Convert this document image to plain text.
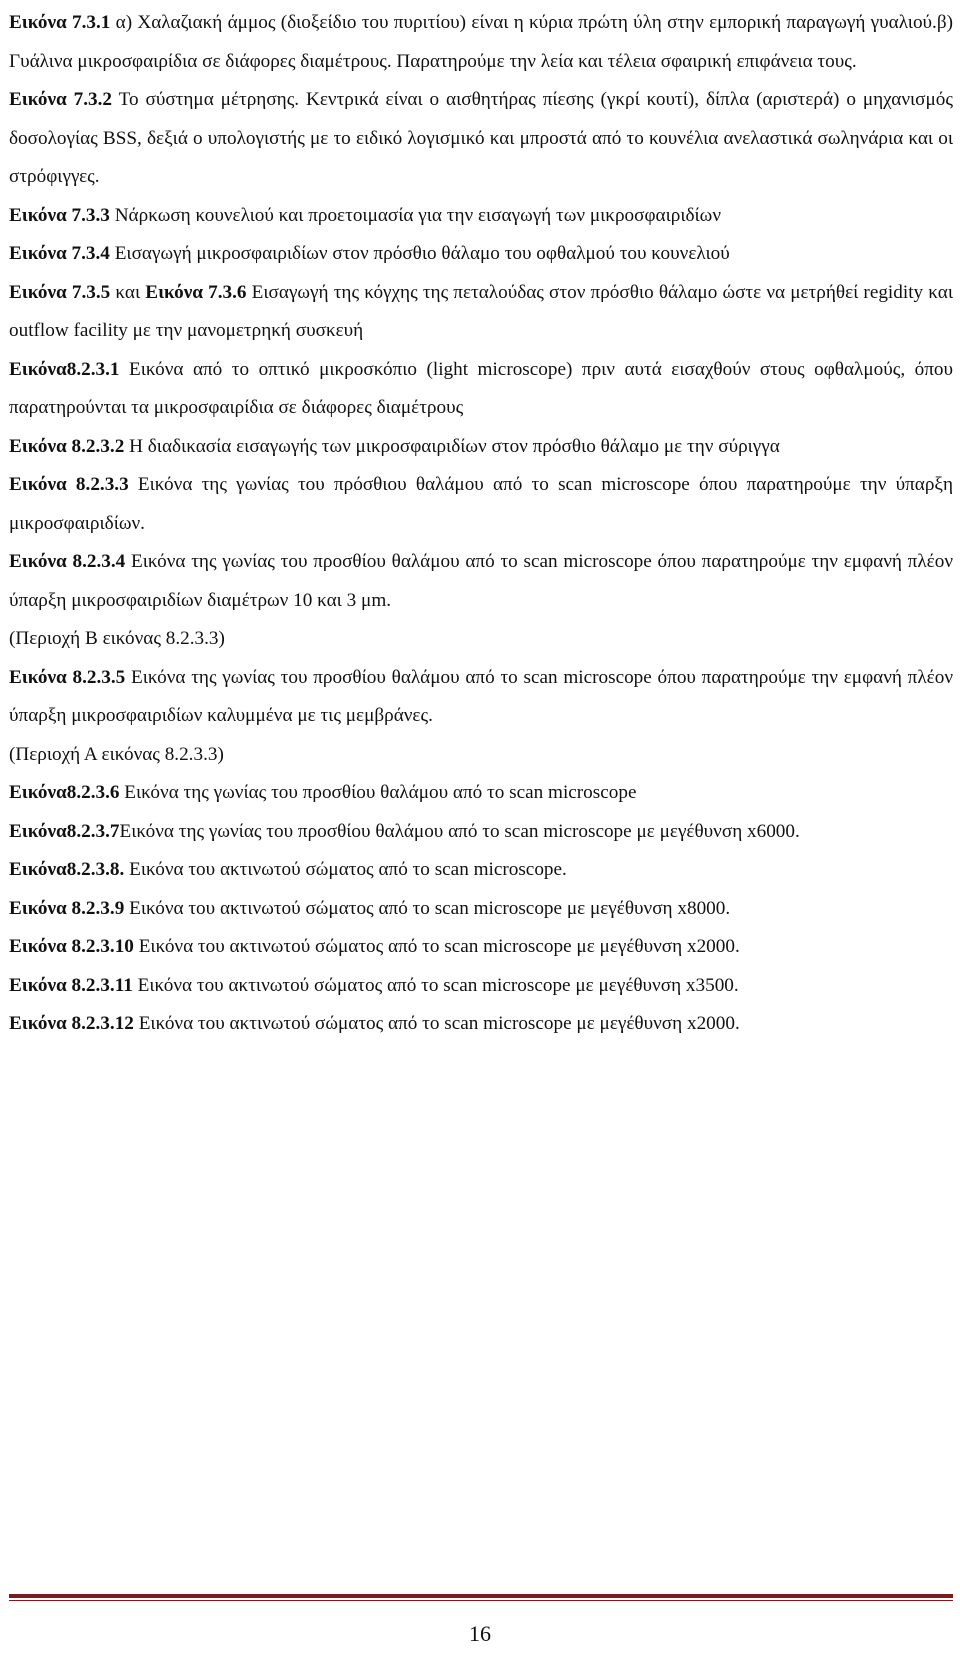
Εικόνα 7.3.1 α) Χαλαζιακή άμμος (διοξείδιο του πυριτίου) είναι η κύρια πρώτη ύλη στην εμπορική παραγωγή γυαλιού.β) Γυάλινα μικροσφαιρίδια σε διάφορες διαμέτρους. Παρατηρούμε την λεία και τέλεια σφαιρική επιφάνεια τους.

Εικόνα 7.3.2 Το σύστημα μέτρησης. Κεντρικά είναι ο αισθητήρας πίεσης (γκρί κουτί), δίπλα (αριστερά) ο μηχανισμός δοσολογίας BSS, δεξιά ο υπολογιστής με το ειδικό λογισμικό και μπροστά από το κουνέλια ανελαστικά σωληνάρια και οι στρόφιγγες.

Εικόνα 7.3.3 Νάρκωση κουνελιού και προετοιμασία για την εισαγωγή των μικροσφαιριδίων

Εικόνα 7.3.4 Εισαγωγή μικροσφαιριδίων στον πρόσθιο θάλαμο του οφθαλμού του κουνελιού

Εικόνα 7.3.5 και Εικόνα 7.3.6 Εισαγωγή της κόγχης της πεταλούδας στον πρόσθιο θάλαμο ώστε να μετρήθεί regidity και outflow facility με την μανομετρηκή συσκευή

Εικόνα8.2.3.1 Εικόνα από το οπτικό μικροσκόπιο (light microscope) πριν αυτά εισαχθούν στους οφθαλμούς, όπου παρατηρούνται τα μικροσφαιρίδια σε διάφορες διαμέτρους

Εικόνα 8.2.3.2 Η διαδικασία εισαγωγής των μικροσφαιριδίων στον πρόσθιο θάλαμο με την σύριγγα

Εικόνα 8.2.3.3 Εικόνα της γωνίας του πρόσθιου θαλάμου από το scan microscope όπου παρατηρούμε την ύπαρξη μικροσφαιριδίων.

Εικόνα 8.2.3.4 Εικόνα της γωνίας του προσθίου θαλάμου από το scan microscope όπου παρατηρούμε την εμφανή πλέον ύπαρξη μικροσφαιριδίων διαμέτρων 10 και 3 μm.

(Περιοχή Β εικόνας 8.2.3.3)

Εικόνα 8.2.3.5 Εικόνα της γωνίας του προσθίου θαλάμου από το scan microscope όπου παρατηρούμε την εμφανή πλέον ύπαρξη μικροσφαιριδίων καλυμμένα με τις μεμβράνες.

(Περιοχή Α εικόνας 8.2.3.3)

Εικόνα8.2.3.6 Εικόνα της γωνίας του προσθίου θαλάμου από το scan microscope

Εικόνα8.2.3.7Εικόνα της γωνίας του προσθίου θαλάμου από το scan microscope με μεγέθυνση x6000.

Εικόνα8.2.3.8. Εικόνα του ακτινωτού σώματος από το scan microscope.

Εικόνα 8.2.3.9 Εικόνα του ακτινωτού σώματος από το scan microscope με μεγέθυνση x8000.

Εικόνα 8.2.3.10 Εικόνα του ακτινωτού σώματος από το scan microscope με μεγέθυνση x2000.

Εικόνα 8.2.3.11 Εικόνα του ακτινωτού σώματος από το scan microscope με μεγέθυνση x3500.

Εικόνα 8.2.3.12 Εικόνα του ακτινωτού σώματος από το scan microscope με μεγέθυνση x2000.

16
